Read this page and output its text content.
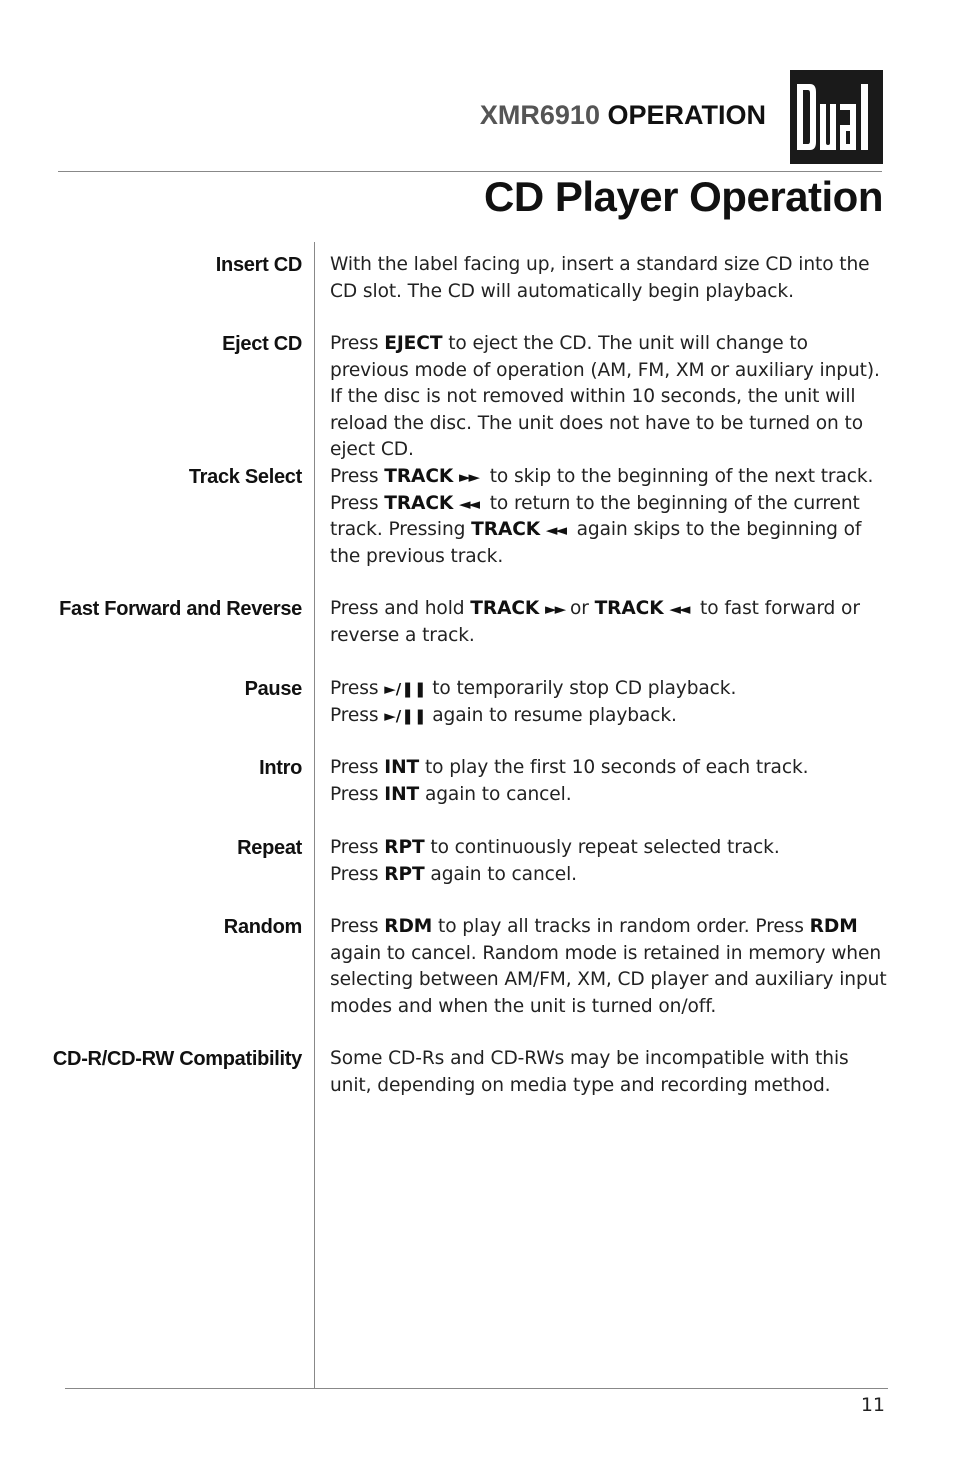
XMR6910 OPERATION
CD Player Operation
Insert CD With the label facing up, insert a standard size CD into the

CD slot. The CD will automatically begin playback.

Eject CD Press EJECT to eject the CD. The unit will change to previous mode of operation (AM, FM, XM or auxiliary input). If the disc is not removed within 10 seconds, the unit will reload the disc. The unit does not have to be turned on to eject CD.

Track Select Press TRACK ►► to skip to the beginning of the next track. Press TRACK ◄◄ to return to the beginning of the current track. Pressing TRACK ◄◄ again skips to the beginning of the previous track.

Fast Forward and Reverse Press and hold TRACK ►► or TRACK ◄◄ to fast forward or reverse a track.

Pause Press ►/❚❚ to temporarily stop CD playback.

Press ►/❚❚ again to resume playback.

Intro Press INT to play the first 10 seconds of each track.

Press INT again to cancel.

Repeat Press RPT to continuously repeat selected track.

Press RPT again to cancel.

Random Press RDM to play all tracks in random order. Press RDM again to cancel. Random mode is retained in memory when selecting between AM/FM, XM, CD player and auxiliary input modes and when the unit is turned on/off.

CD-R/CD-RW Compatibility Some CD-Rs and CD-RWs may be incompatible with this

unit, depending on media type and recording method.

11
